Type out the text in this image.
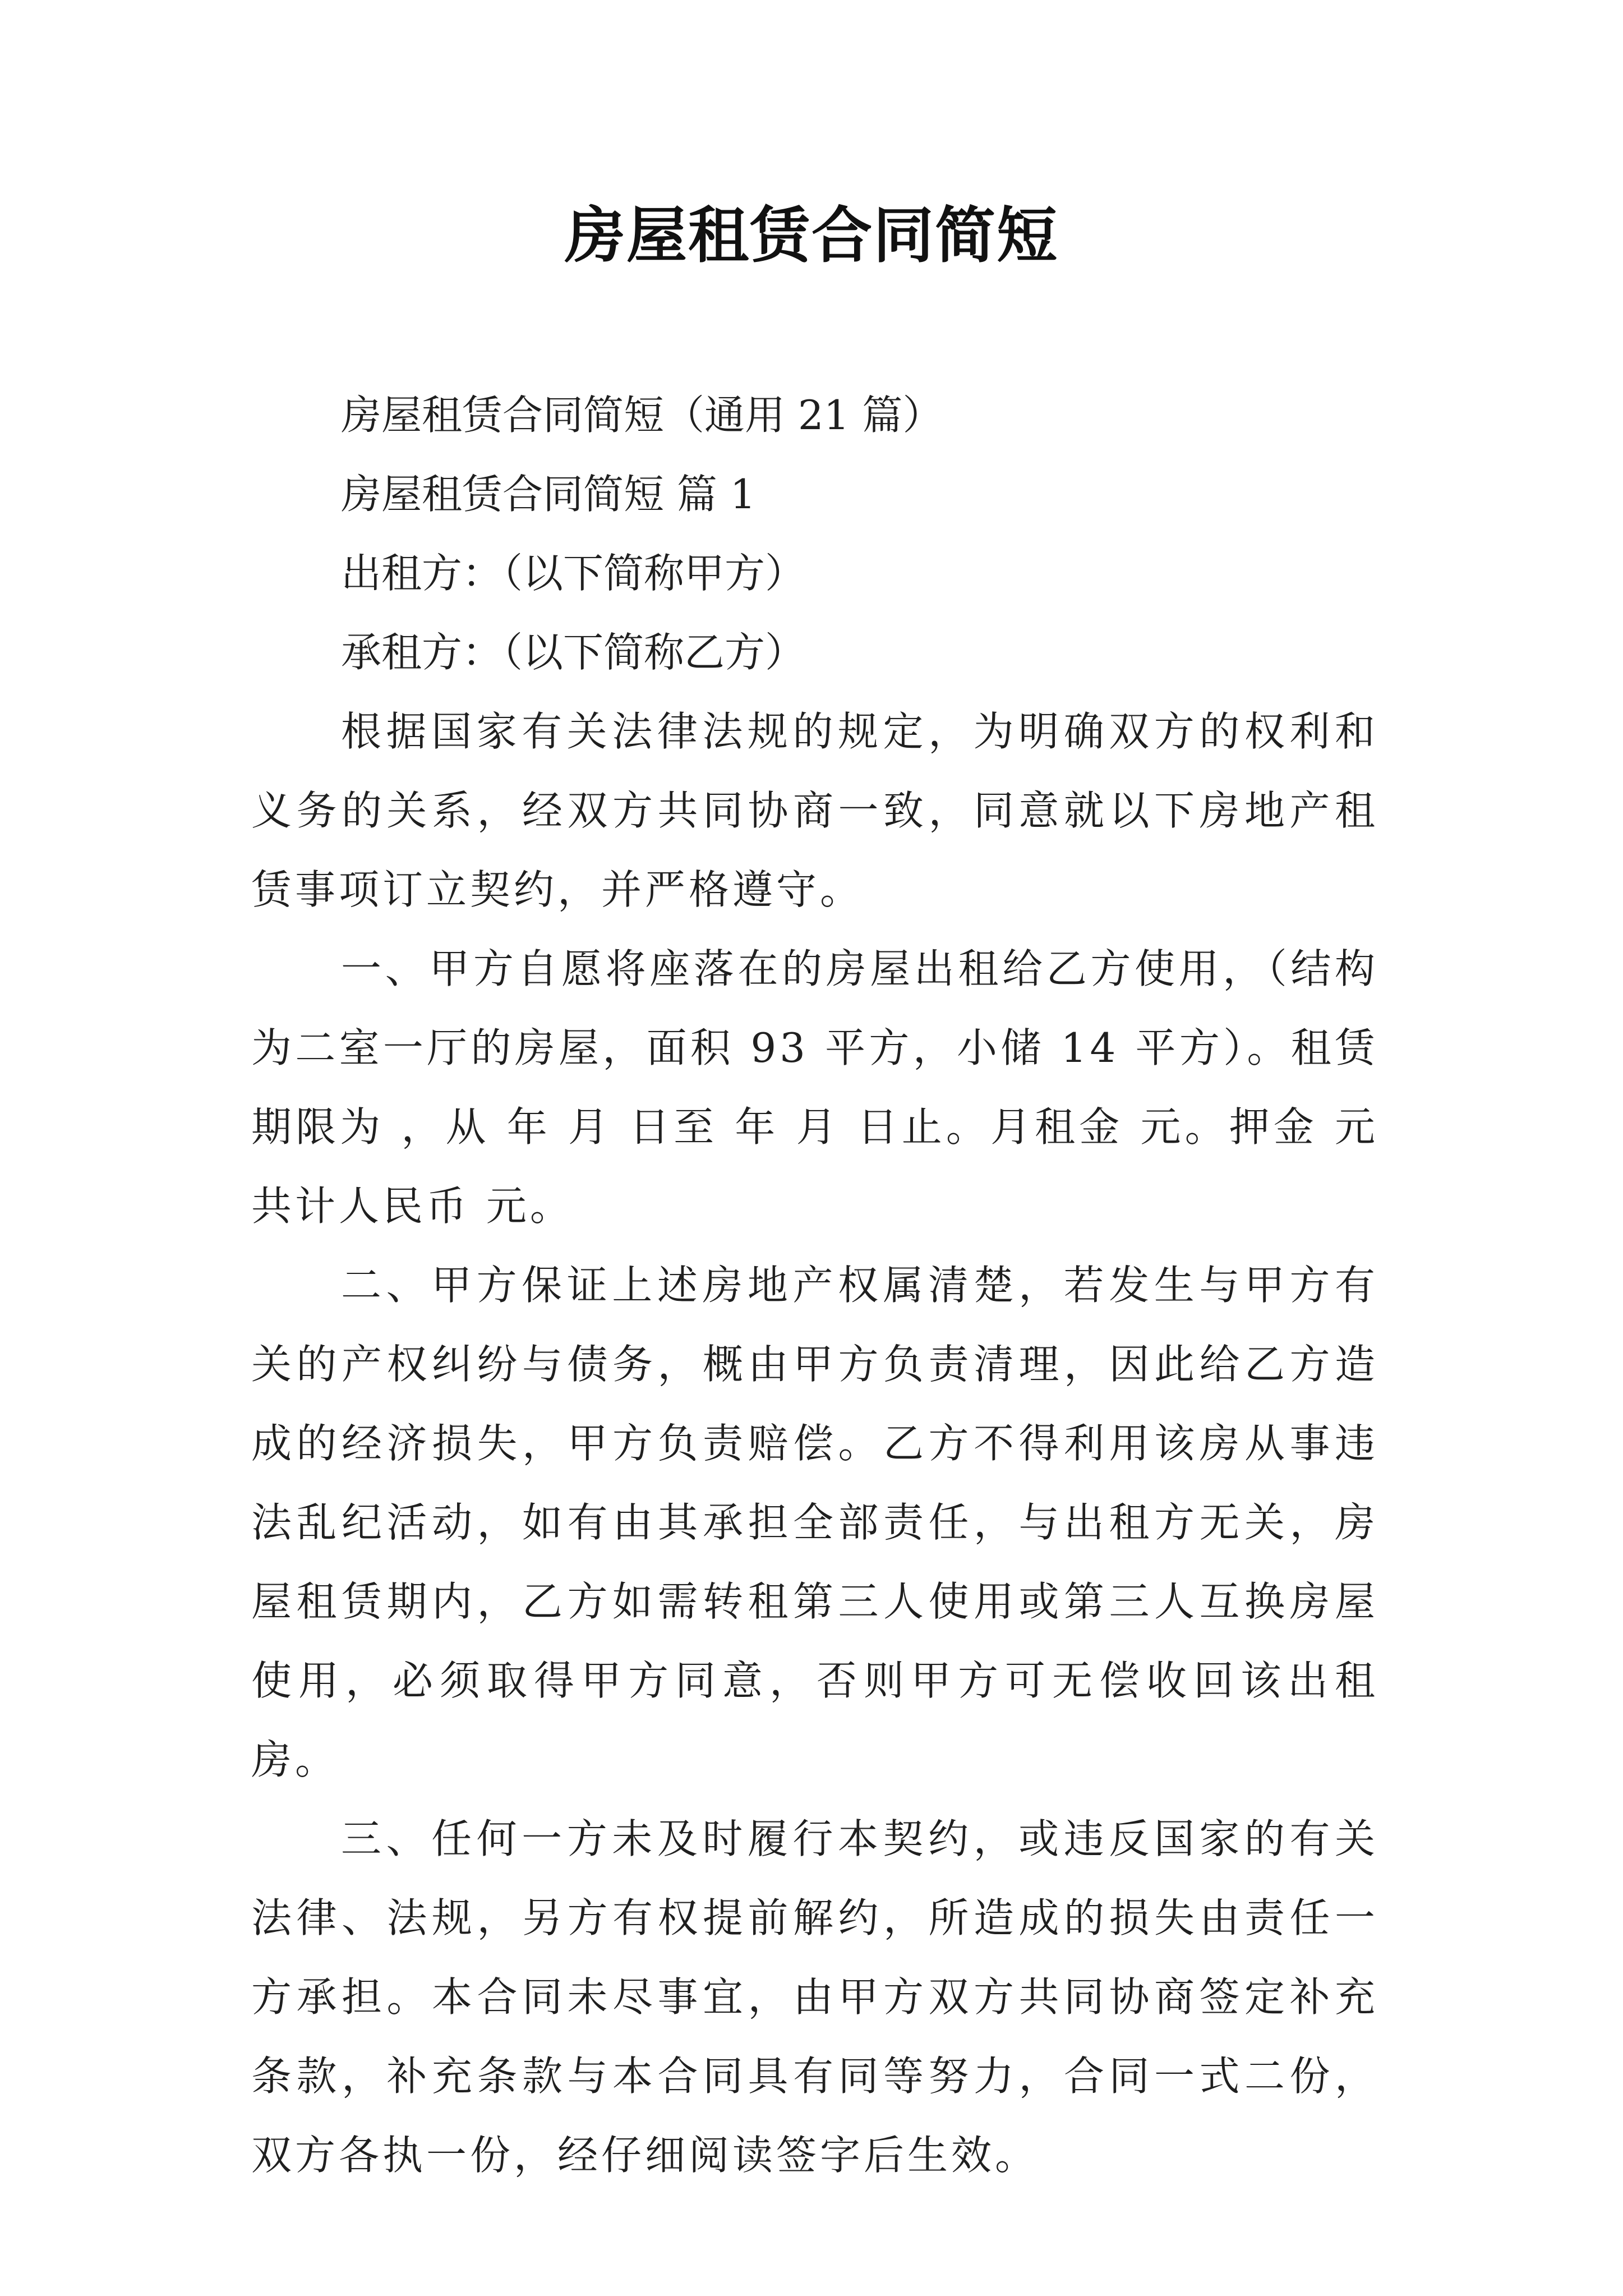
房屋租赁合同简短

房屋租赁合同简短（通用 21 篇）

房屋租赁合同简短 篇 1

出租方：（以下简称甲方）

承租方：（以下简称乙方）

根据国家有关法律法规的规定，为明确双方的权利和义务的关系，经双方共同协商一致，同意就以下房地产租赁事项订立契约，并严格遵守。

一、甲方自愿将座落在的房屋出租给乙方使用，（结构为二室一厅的房屋，面积 93 平方，小储 14 平方）。租赁期限为 ，从 年 月 日至 年 月 日止。月租金 元。押金 元共计人民币 元。

二、甲方保证上述房地产权属清楚，若发生与甲方有关的产权纠纷与债务，概由甲方负责清理，因此给乙方造成的经济损失，甲方负责赔偿。乙方不得利用该房从事违法乱纪活动，如有由其承担全部责任，与出租方无关，房屋租赁期内，乙方如需转租第三人使用或第三人互换房屋使用，必须取得甲方同意，否则甲方可无偿收回该出租房。

三、任何一方未及时履行本契约，或违反国家的有关法律、法规，另方有权提前解约，所造成的损失由责任一方承担。本合同未尽事宜，由甲方双方共同协商签定补充条款，补充条款与本合同具有同等努力，合同一式二份，双方各执一份，经仔细阅读签字后生效。
